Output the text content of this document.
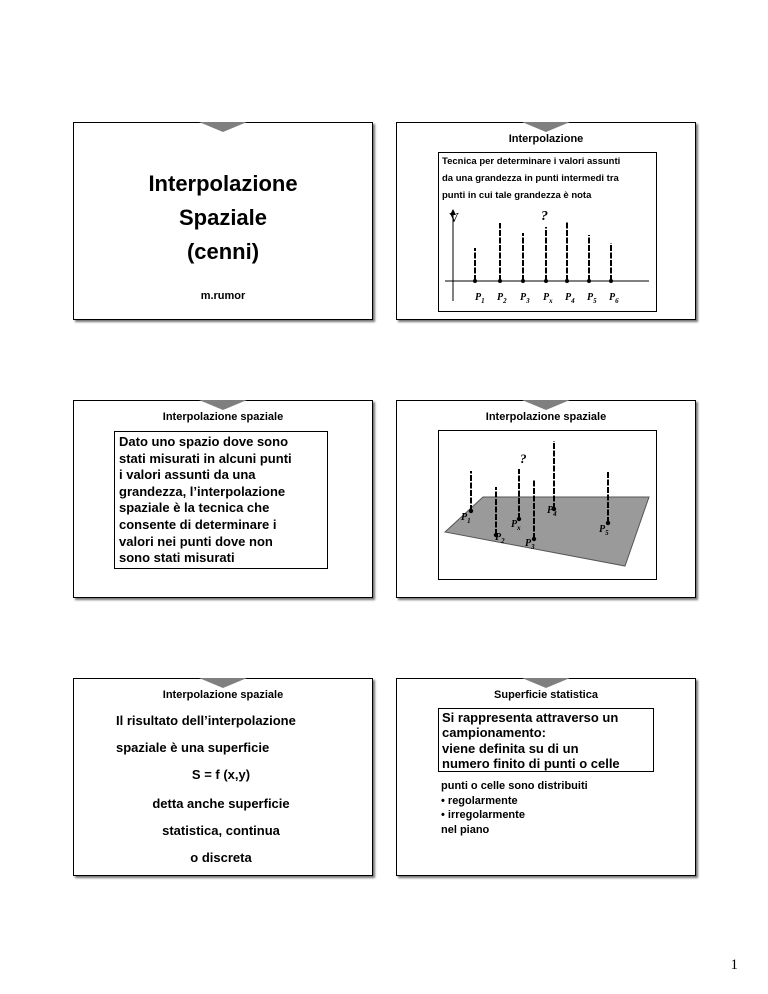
Interpolazione
Spaziale
(cenni)
m.rumor
Interpolazione
Tecnica per determinare i valori assunti
da una grandezza in punti intermedi tra
punti in cui tale grandezza è nota
V	?
$P_1$ $P_2$ $P_3$ $P_x$ $P_4$ $P_5$ $P_6$
Interpolazione spaziale
Dato uno spazio dove sono
stati misurati in alcuni punti
i valori assunti da una
grandezza, l’interpolazione
spaziale è la tecnica che
consente di determinare i
valori nei punti dove non
sono stati misurati
Interpolazione spaziale
?
$P_1$
$P_2$
$P_x$
$P_3$
$P_4$
$P_5$
Interpolazione spaziale
Il risultato dell’interpolazione
spaziale è una superficie
S = f (x,y)
detta anche superficie
statistica, continua
o discreta
Superficie statistica
Si rappresenta attraverso un
campionamento:
viene definita su di un
numero finito di punti o celle
punti o celle sono distribuiti
• regolarmente
• irregolarmente
nel piano
1
